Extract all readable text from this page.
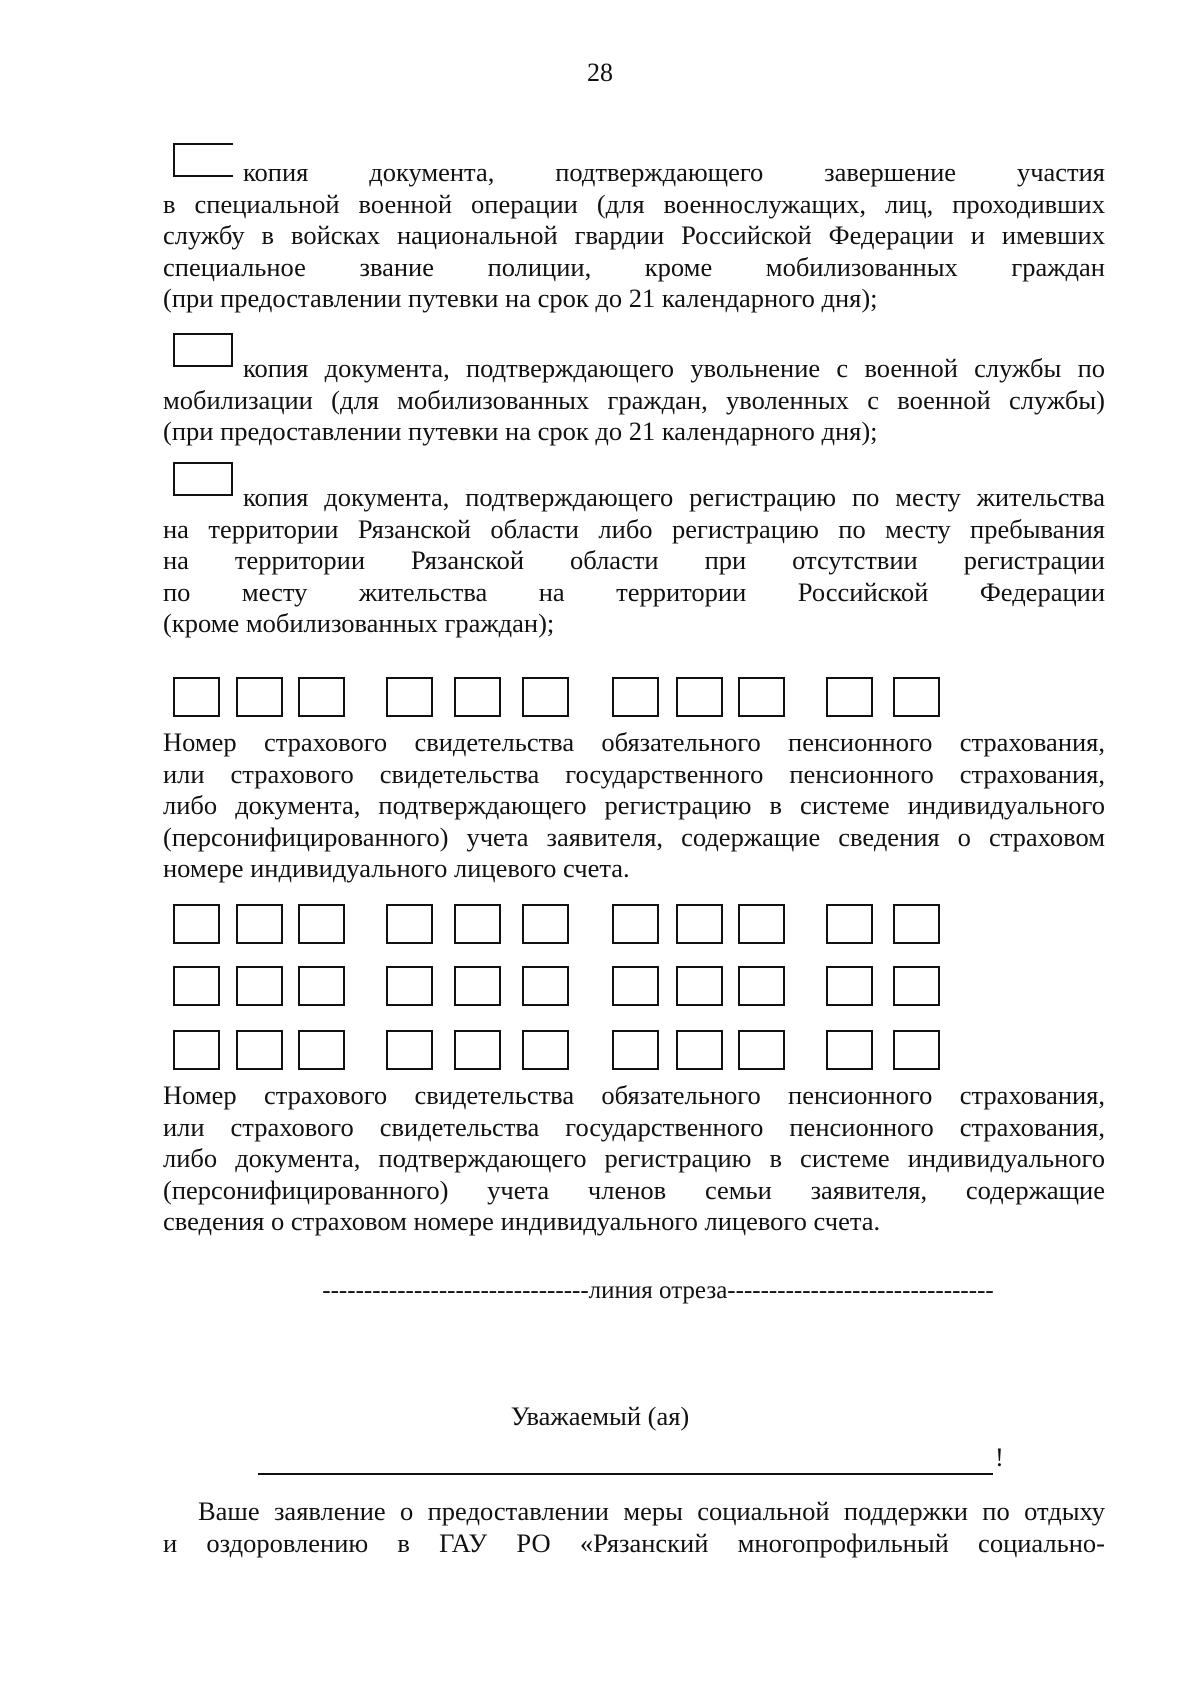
28
копия документа, подтверждающего завершение участия
в специальной военной операции (для военнослужащих, лиц, проходивших
службу в войсках национальной гвардии Российской Федерации и имевших
специальное звание полиции, кроме мобилизованных граждан
(при предоставлении путевки на срок до 21 календарного дня);
копия документа, подтверждающего увольнение с военной службы по
мобилизации (для мобилизованных граждан, уволенных с военной службы)
(при предоставлении путевки на срок до 21 календарного дня);
копия документа, подтверждающего регистрацию по месту жительства
на территории Рязанской области либо регистрацию по месту пребывания
на территории Рязанской области при отсутствии регистрации
по месту жительства на территории Российской Федерации
(кроме мобилизованных граждан);
Номер страхового свидетельства обязательного пенсионного страхования,
или страхового свидетельства государственного пенсионного страхования,
либо документа, подтверждающего регистрацию в системе индивидуального
(персонифицированного) учета заявителя, содержащие сведения о страховом
номере индивидуального лицевого счета.
Номер страхового свидетельства обязательного пенсионного страхования,
или страхового свидетельства государственного пенсионного страхования,
либо документа, подтверждающего регистрацию в системе индивидуального
(персонифицированного) учета членов семьи заявителя, содержащие
сведения о страховом номере индивидуального лицевого счета.
--------------------------------линия отреза--------------------------------
Уважаемый (ая)
!
Ваше заявление о предоставлении меры социальной поддержки по отдыху
и оздоровлению в ГАУ РО «Рязанский многопрофильный социально-
